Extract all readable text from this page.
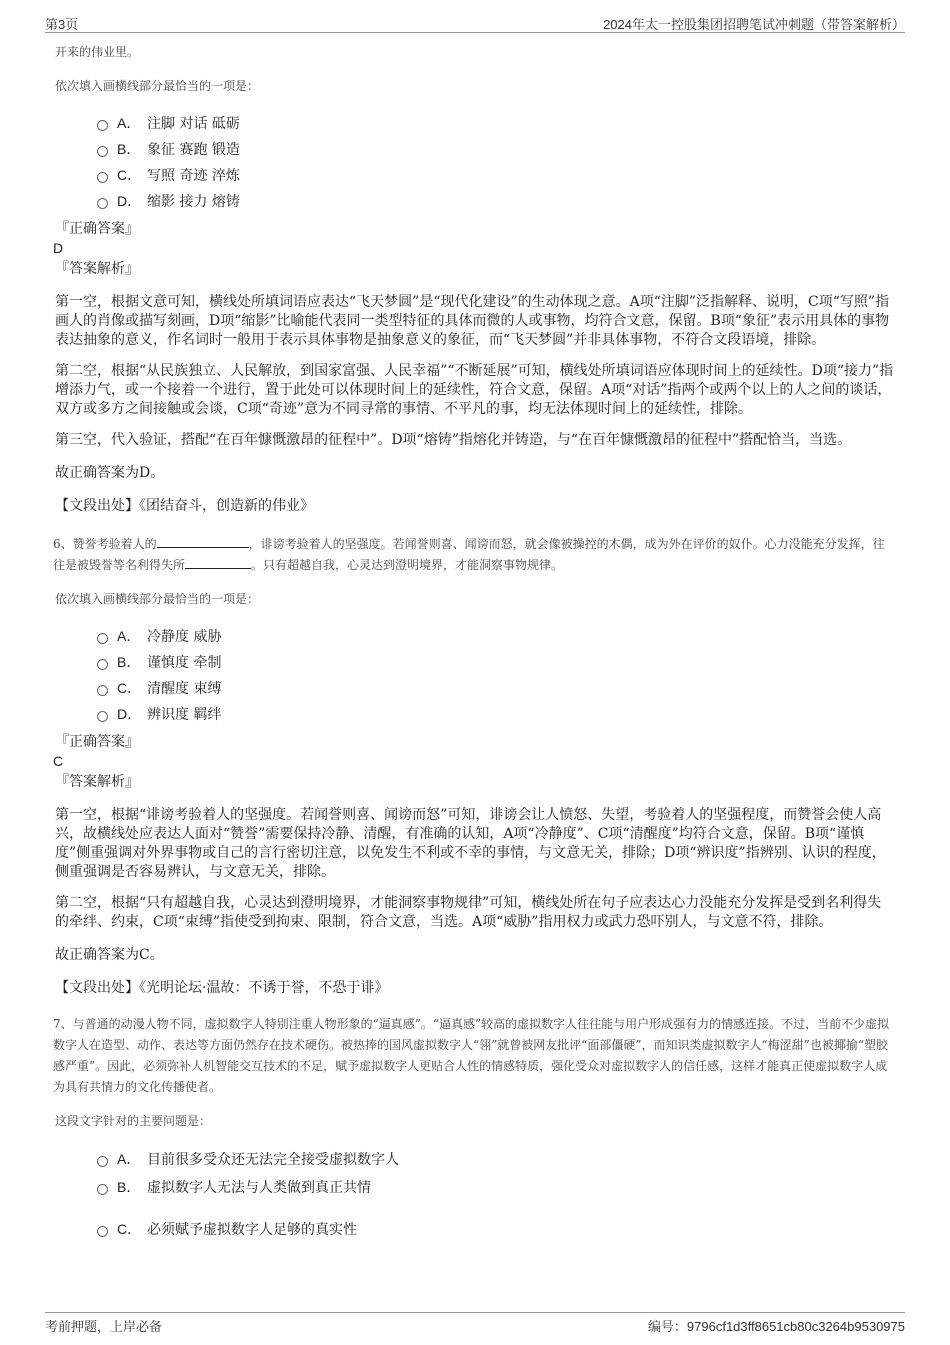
第3页	2024年太一控股集团招聘笔试冲刺题（带答案解析）
开来的伟业里。
依次填入画横线部分最恰当的一项是：
A． 注脚 对话 砥砺
B． 象征 赛跑 锻造
C． 写照 奇迹 淬炼
D． 缩影 接力 熔铸
『正确答案』
D
『答案解析』
第一空，根据文意可知，横线处所填词语应表达“飞天梦圆”是“现代化建设”的生动体现之意。A项“注脚”泛指解释、说明，C项“写照”指画人的肖像或描写刻画，D项“缩影”比喻能代表同一类型特征的具体而微的人或事物，均符合文意，保留。B项“象征”表示用具体的事物表达抽象的意义，作名词时一般用于表示具体事物是抽象意义的象征，而“飞天梦圆”并非具体事物，不符合文段语境，排除。
第二空，根据“从民族独立、人民解放，到国家富强、人民幸福”“不断延展”可知，横线处所填词语应体现时间上的延续性。D项“接力”指增添力气，或一个接着一个进行，置于此处可以体现时间上的延续性，符合文意，保留。A项“对话”指两个或两个以上的人之间的谈话，双方或多方之间接触或会谈，C项“奇迹”意为不同寻常的事情、不平凡的事，均无法体现时间上的延续性，排除。
第三空，代入验证，搭配“在百年慷慨激昂的征程中”。D项“熔铸”指熔化并铸造，与“在百年慷慨激昂的征程中”搭配恰当，当选。
故正确答案为D。
【文段出处】《团结奋斗，创造新的伟业》
6、赞誉考验着人的	，诽谤考验着人的坚强度。若闻誉则喜、闻谤而怒，就会像被操控的木偶，成为外在评价的奴仆。心力没能充分发挥，往往是被毁誉等名利得失所	。只有超越自我，心灵达到澄明境界，才能洞察事物规律。
依次填入画横线部分最恰当的一项是：
A． 冷静度 威胁
B． 谨慎度 牵制
C． 清醒度 束缚
D． 辨识度 羁绊
『正确答案』
C
『答案解析』
第一空，根据“诽谤考验着人的坚强度。若闻誉则喜、闻谤而怒”可知，诽谤会让人愤怒、失望，考验着人的坚强程度，而赞誉会使人高兴，故横线处应表达人面对“赞誉”需要保持冷静、清醒，有准确的认知，A项“冷静度”、C项“清醒度”均符合文意，保留。B项“谨慎度”侧重强调对外界事物或自己的言行密切注意，以免发生不利或不幸的事情，与文意无关，排除；D项“辨识度”指辨别、认识的程度，侧重强调是否容易辨认，与文意无关，排除。
第二空，根据“只有超越自我，心灵达到澄明境界，才能洞察事物规律”可知，横线处所在句子应表达心力没能充分发挥是受到名利得失的牵绊、约束，C项“束缚”指使受到拘束、限制，符合文意，当选。A项“威胁”指用权力或武力恐吓别人，与文意不符，排除。
故正确答案为C。
【文段出处】《光明论坛·温故：不诱于誉，不恐于诽》
7、与普通的动漫人物不同，虚拟数字人特别注重人物形象的“逼真感”。“逼真感”较高的虚拟数字人往往能与用户形成强有力的情感连接。不过，当前不少虚拟数字人在造型、动作、表达等方面仍然存在技术硬伤。被热捧的国风虚拟数字人“翎”就曾被网友批评“面部僵硬”，而知识类虚拟数字人“梅涩甜”也被揶揄“塑胶感严重”。因此，必须弥补人机智能交互技术的不足，赋予虚拟数字人更贴合人性的情感特质，强化受众对虚拟数字人的信任感，这样才能真正使虚拟数字人成为具有共情力的文化传播使者。
这段文字针对的主要问题是：
A． 目前很多受众还无法完全接受虚拟数字人
B． 虚拟数字人无法与人类做到真正共情
C． 必须赋予虚拟数字人足够的真实性
考前押题，上岸必备	编号：9796cf1d3ff8651cb80c3264b9530975
